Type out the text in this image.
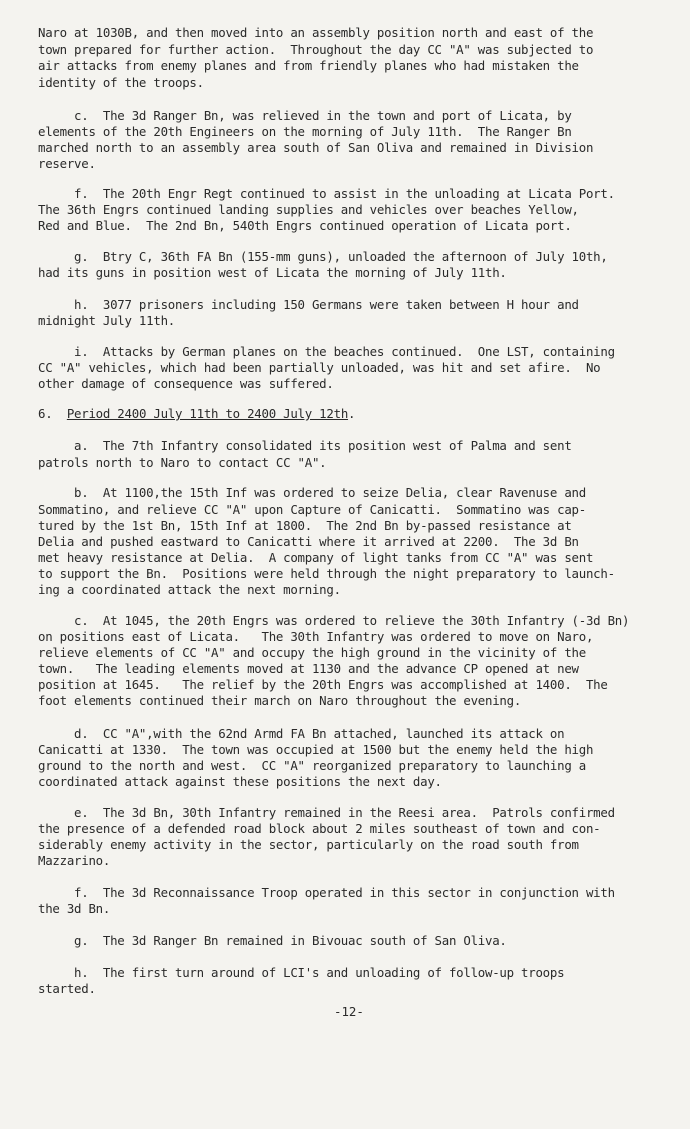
Naro at 1030B, and then moved into an assembly position north and east of the
town prepared for further action.  Throughout the day CC "A" was subjected to
air attacks from enemy planes and from friendly planes who had mistaken the
identity of the troops.
c.  The 3d Ranger Bn, was relieved in the town and port of Licata, by
elements of the 20th Engineers on the morning of July 11th.  The Ranger Bn
marched north to an assembly area south of San Oliva and remained in Division
reserve.
f.  The 20th Engr Regt continued to assist in the unloading at Licata Port.
The 36th Engrs continued landing supplies and vehicles over beaches Yellow,
Red and Blue.  The 2nd Bn, 540th Engrs continued operation of Licata port.
g.  Btry C, 36th FA Bn (155-mm guns), unloaded the afternoon of July 10th,
had its guns in position west of Licata the morning of July 11th.
h.  3077 prisoners including 150 Germans were taken between H hour and
midnight July 11th.
i.  Attacks by German planes on the beaches continued.  One LST, containing
CC "A" vehicles, which had been partially unloaded, was hit and set afire.  No
other damage of consequence was suffered.
6.  Period 2400 July 11th to 2400 July 12th.
a.  The 7th Infantry consolidated its position west of Palma and sent
patrols north to Naro to contact CC "A".
b.  At 1100,the 15th Inf was ordered to seize Delia, clear Ravenuse and
Sommatino, and relieve CC "A" upon Capture of Canicatti.  Sommatino was cap-
tured by the 1st Bn, 15th Inf at 1800.  The 2nd Bn by-passed resistance at
Delia and pushed eastward to Canicatti where it arrived at 2200.  The 3d Bn
met heavy resistance at Delia.  A company of light tanks from CC "A" was sent
to support the Bn.  Positions were held through the night preparatory to launch-
ing a coordinated attack the next morning.
c.  At 1045, the 20th Engrs was ordered to relieve the 30th Infantry (-3d Bn)
on positions east of Licata.   The 30th Infantry was ordered to move on Naro,
relieve elements of CC "A" and occupy the high ground in the vicinity of the
town.   The leading elements moved at 1130 and the advance CP opened at new
position at 1645.   The relief by the 20th Engrs was accomplished at 1400.  The
foot elements continued their march on Naro throughout the evening.
d.  CC "A",with the 62nd Armd FA Bn attached, launched its attack on
Canicatti at 1330.  The town was occupied at 1500 but the enemy held the high
ground to the north and west.  CC "A" reorganized preparatory to launching a
coordinated attack against these positions the next day.
e.  The 3d Bn, 30th Infantry remained in the Reesi area.  Patrols confirmed
the presence of a defended road block about 2 miles southeast of town and con-
siderably enemy activity in the sector, particularly on the road south from
Mazzarino.
f.  The 3d Reconnaissance Troop operated in this sector in conjunction with
the 3d Bn.
g.  The 3d Ranger Bn remained in Bivouac south of San Oliva.
h.  The first turn around of LCI's and unloading of follow-up troops
started.
-12-
